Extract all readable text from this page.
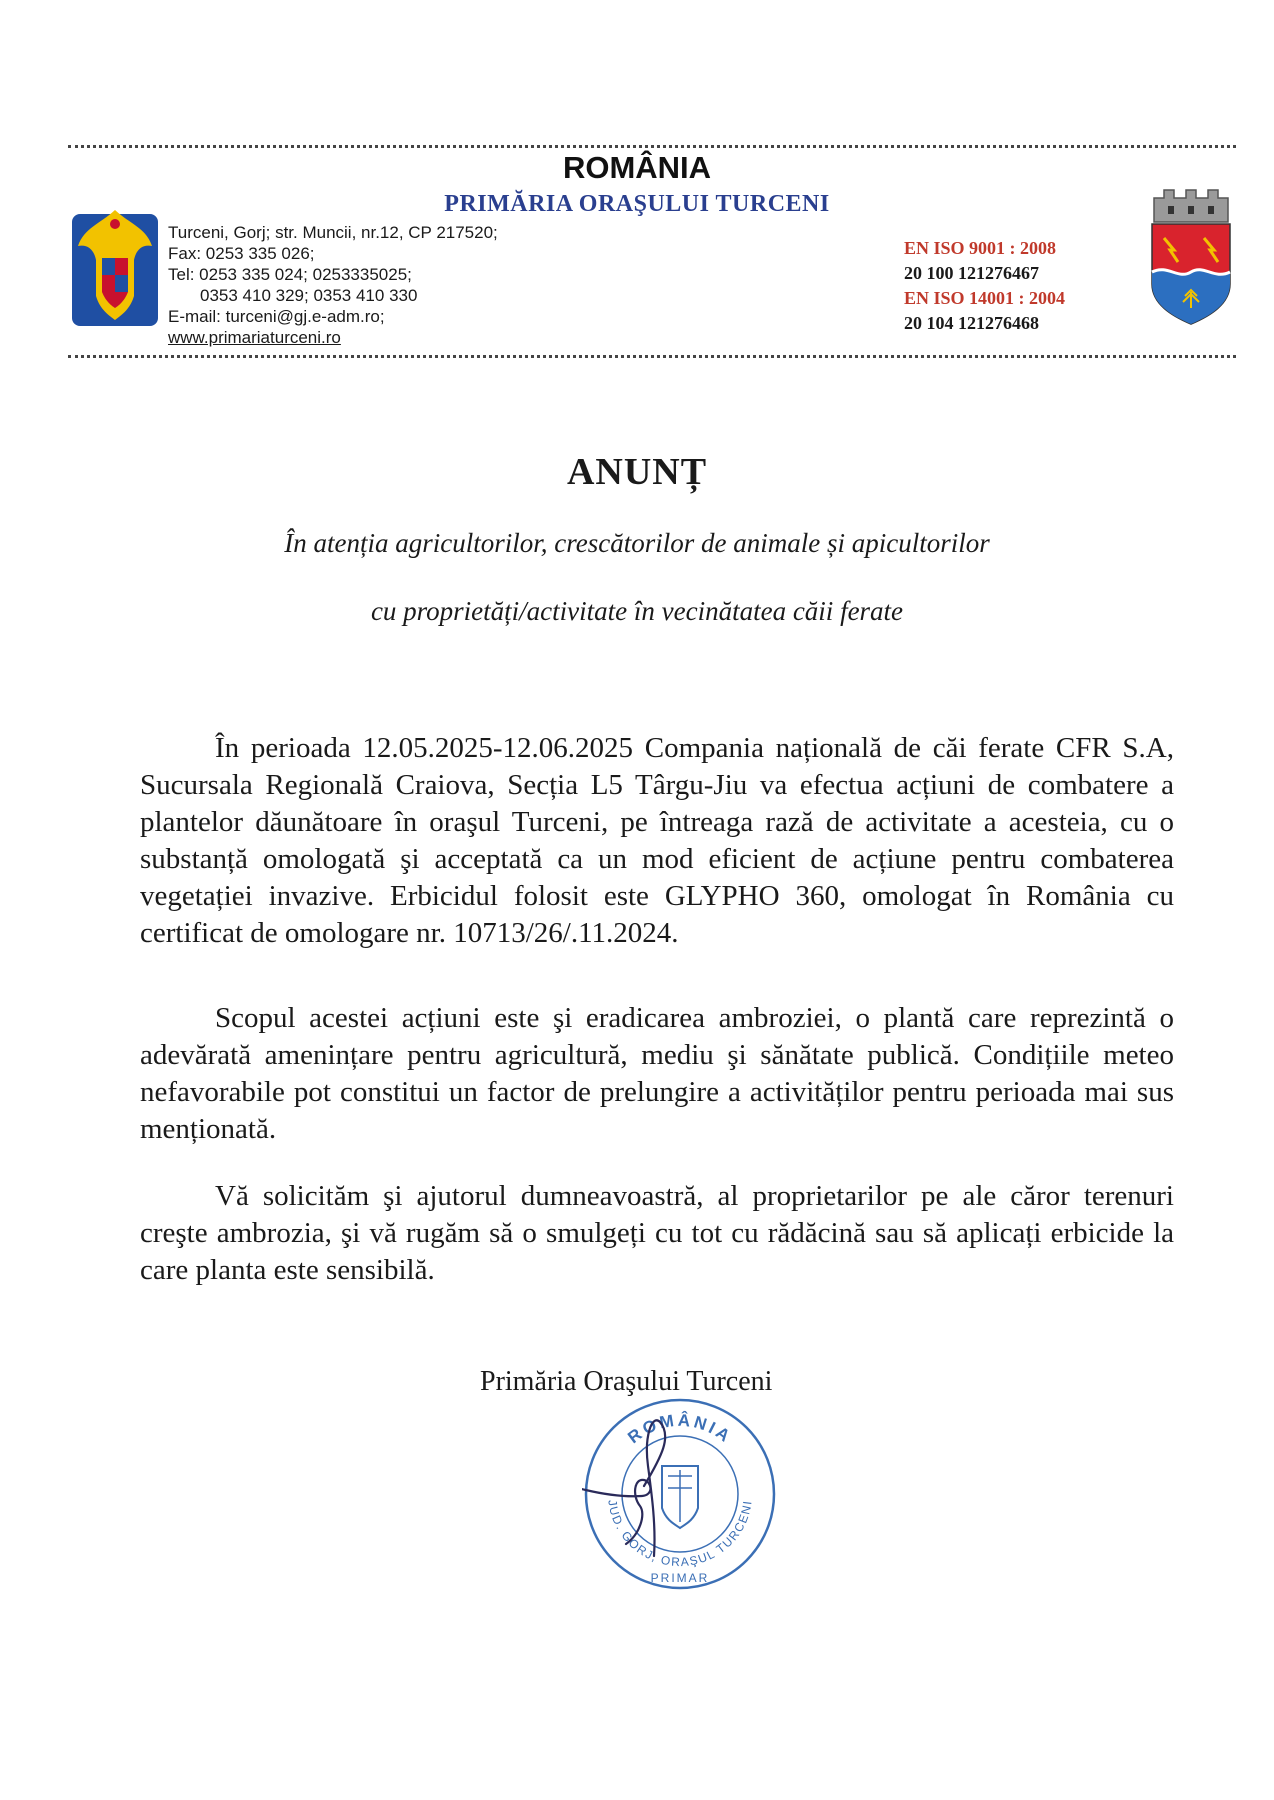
ROMÂNIA
PRIMĂRIA ORAŞULUI TURCENI
Turceni, Gorj; str. Muncii, nr.12, CP 217520;
Fax: 0253 335 026;
Tel: 0253 335 024; 0253335025;
0353 410 329; 0353 410 330
E-mail: turceni@gj.e-adm.ro;
www.primariaturceni.ro
EN ISO 9001 : 2008
20 100 121276467
EN ISO 14001 : 2004
20 104 121276468
ANUNȚ
În atenția agricultorilor, crescătorilor de animale și apicultorilor
cu proprietăți/activitate în vecinătatea căii ferate

În perioada 12.05.2025-12.06.2025 Compania națională de căi ferate CFR S.A, Sucursala Regională Craiova, Secția L5 Târgu-Jiu va efectua acțiuni de combatere a plantelor dăunătoare în oraşul Turceni, pe întreaga rază de activitate a acesteia, cu o substanță omologată şi acceptată ca un mod eficient de acțiune pentru combaterea vegetației invazive. Erbicidul folosit este GLYPHO 360, omologat în România cu certificat de omologare nr. 10713/26/.11.2024.

Scopul acestei acțiuni este şi eradicarea ambroziei, o plantă care reprezintă o adevărată amenințare pentru agricultură, mediu şi sănătate publică. Condițiile meteo nefavorabile pot constitui un factor de prelungire a activităților pentru perioada mai sus menționată.

Vă solicităm şi ajutorul dumneavoastră, al proprietarilor pe ale căror terenuri creşte ambrozia, şi vă rugăm să o smulgeți cu tot cu rădăcină sau să aplicați erbicide la care planta este sensibilă.

Primăria Oraşului Turceni
ROMÂNIA
JUD. GORJ, ORAŞUL TURCENI
PRIMAR
